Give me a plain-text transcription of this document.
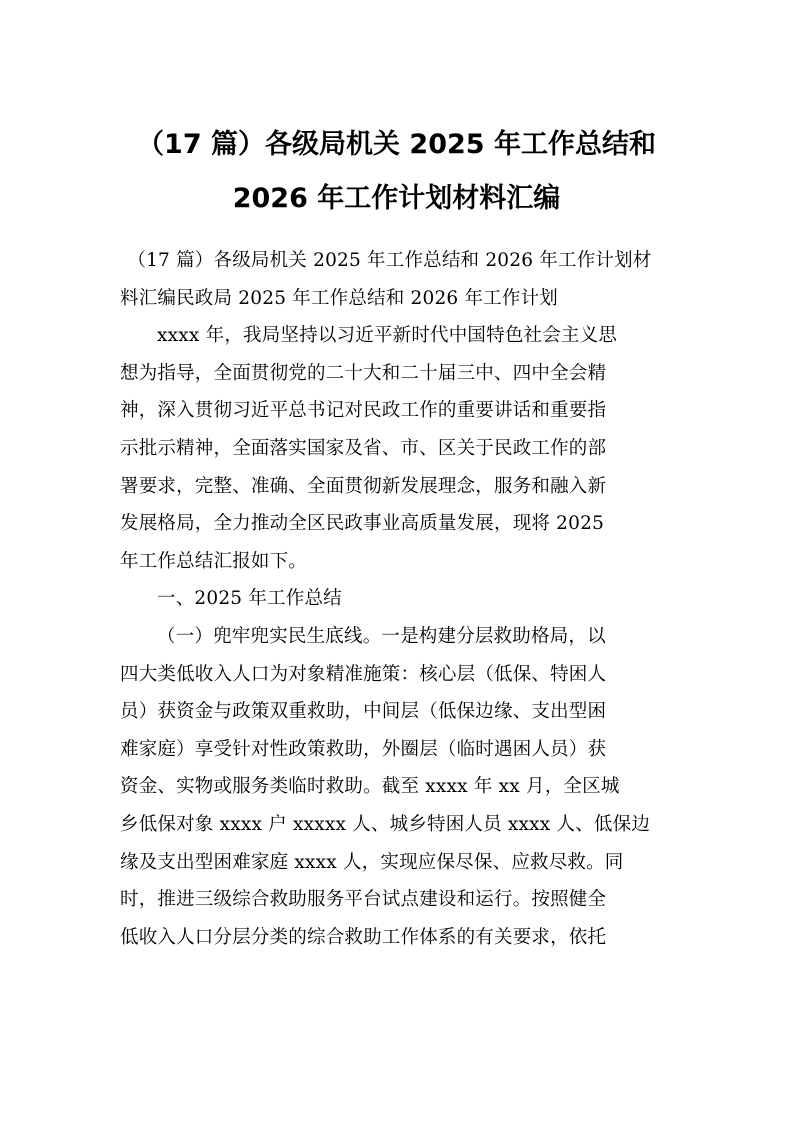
（17 篇）各级局机关 2025 年工作总结和
2026 年工作计划材料汇编

（17 篇）各级局机关 2025 年工作总结和 2026 年工作计划材
料汇编民政局 2025 年工作总结和 2026 年工作计划

xxxx 年，我局坚持以习近平新时代中国特色社会主义思
想为指导，全面贯彻党的二十大和二十届三中、四中全会精
神，深入贯彻习近平总书记对民政工作的重要讲话和重要指
示批示精神，全面落实国家及省、市、区关于民政工作的部
署要求，完整、准确、全面贯彻新发展理念，服务和融入新
发展格局，全力推动全区民政事业高质量发展，现将 2025
年工作总结汇报如下。

一、2025 年工作总结

（一）兜牢兜实民生底线。一是构建分层救助格局，以
四大类低收入人口为对象精准施策：核心层（低保、特困人
员）获资金与政策双重救助，中间层（低保边缘、支出型困
难家庭）享受针对性政策救助，外圈层（临时遇困人员）获
资金、实物或服务类临时救助。截至 xxxx 年 xx 月，全区城
乡低保对象 xxxx 户 xxxxx 人、城乡特困人员 xxxx 人、低保边
缘及支出型困难家庭 xxxx 人，实现应保尽保、应救尽救。同
时，推进三级综合救助服务平台试点建设和运行。按照健全
低收入人口分层分类的综合救助工作体系的有关要求，依托
